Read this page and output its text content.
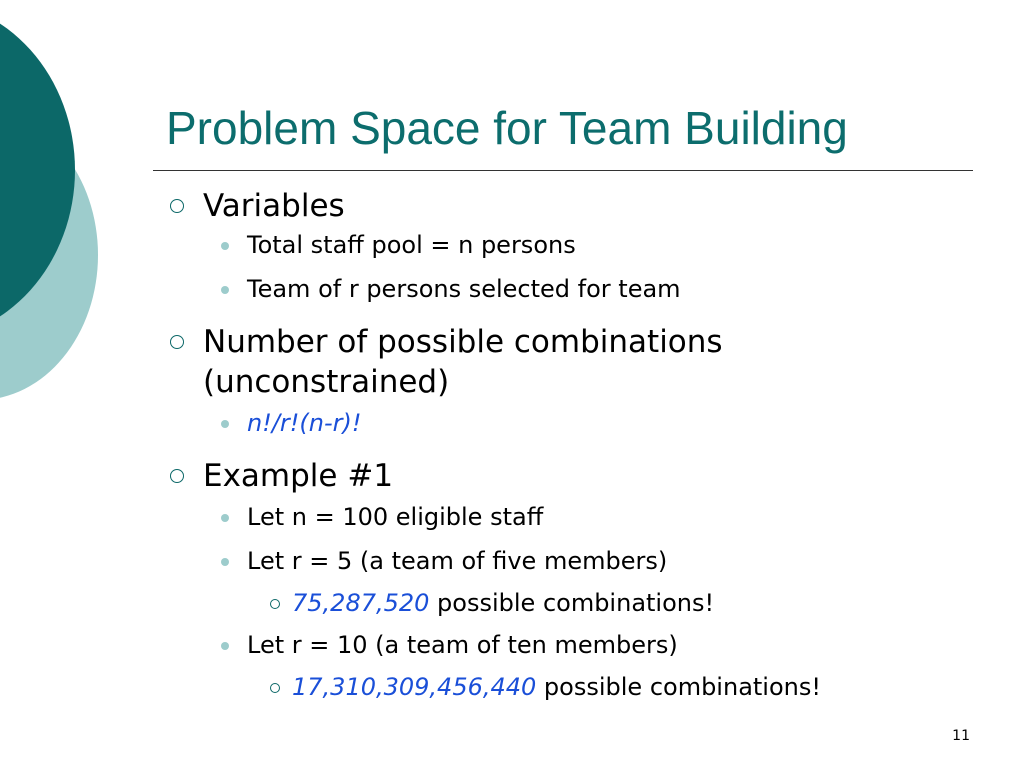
Problem Space for Team Building
Variables
Total staff pool = n persons
Team of r persons selected for team
Number of possible combinations
(unconstrained)
n!/r!(n-r)!
Example #1
Let n = 100 eligible staff
Let r = 5 (a team of five members)
75,287,520 possible combinations!
Let r = 10 (a team of ten members)
17,310,309,456,440 possible combinations!
11
